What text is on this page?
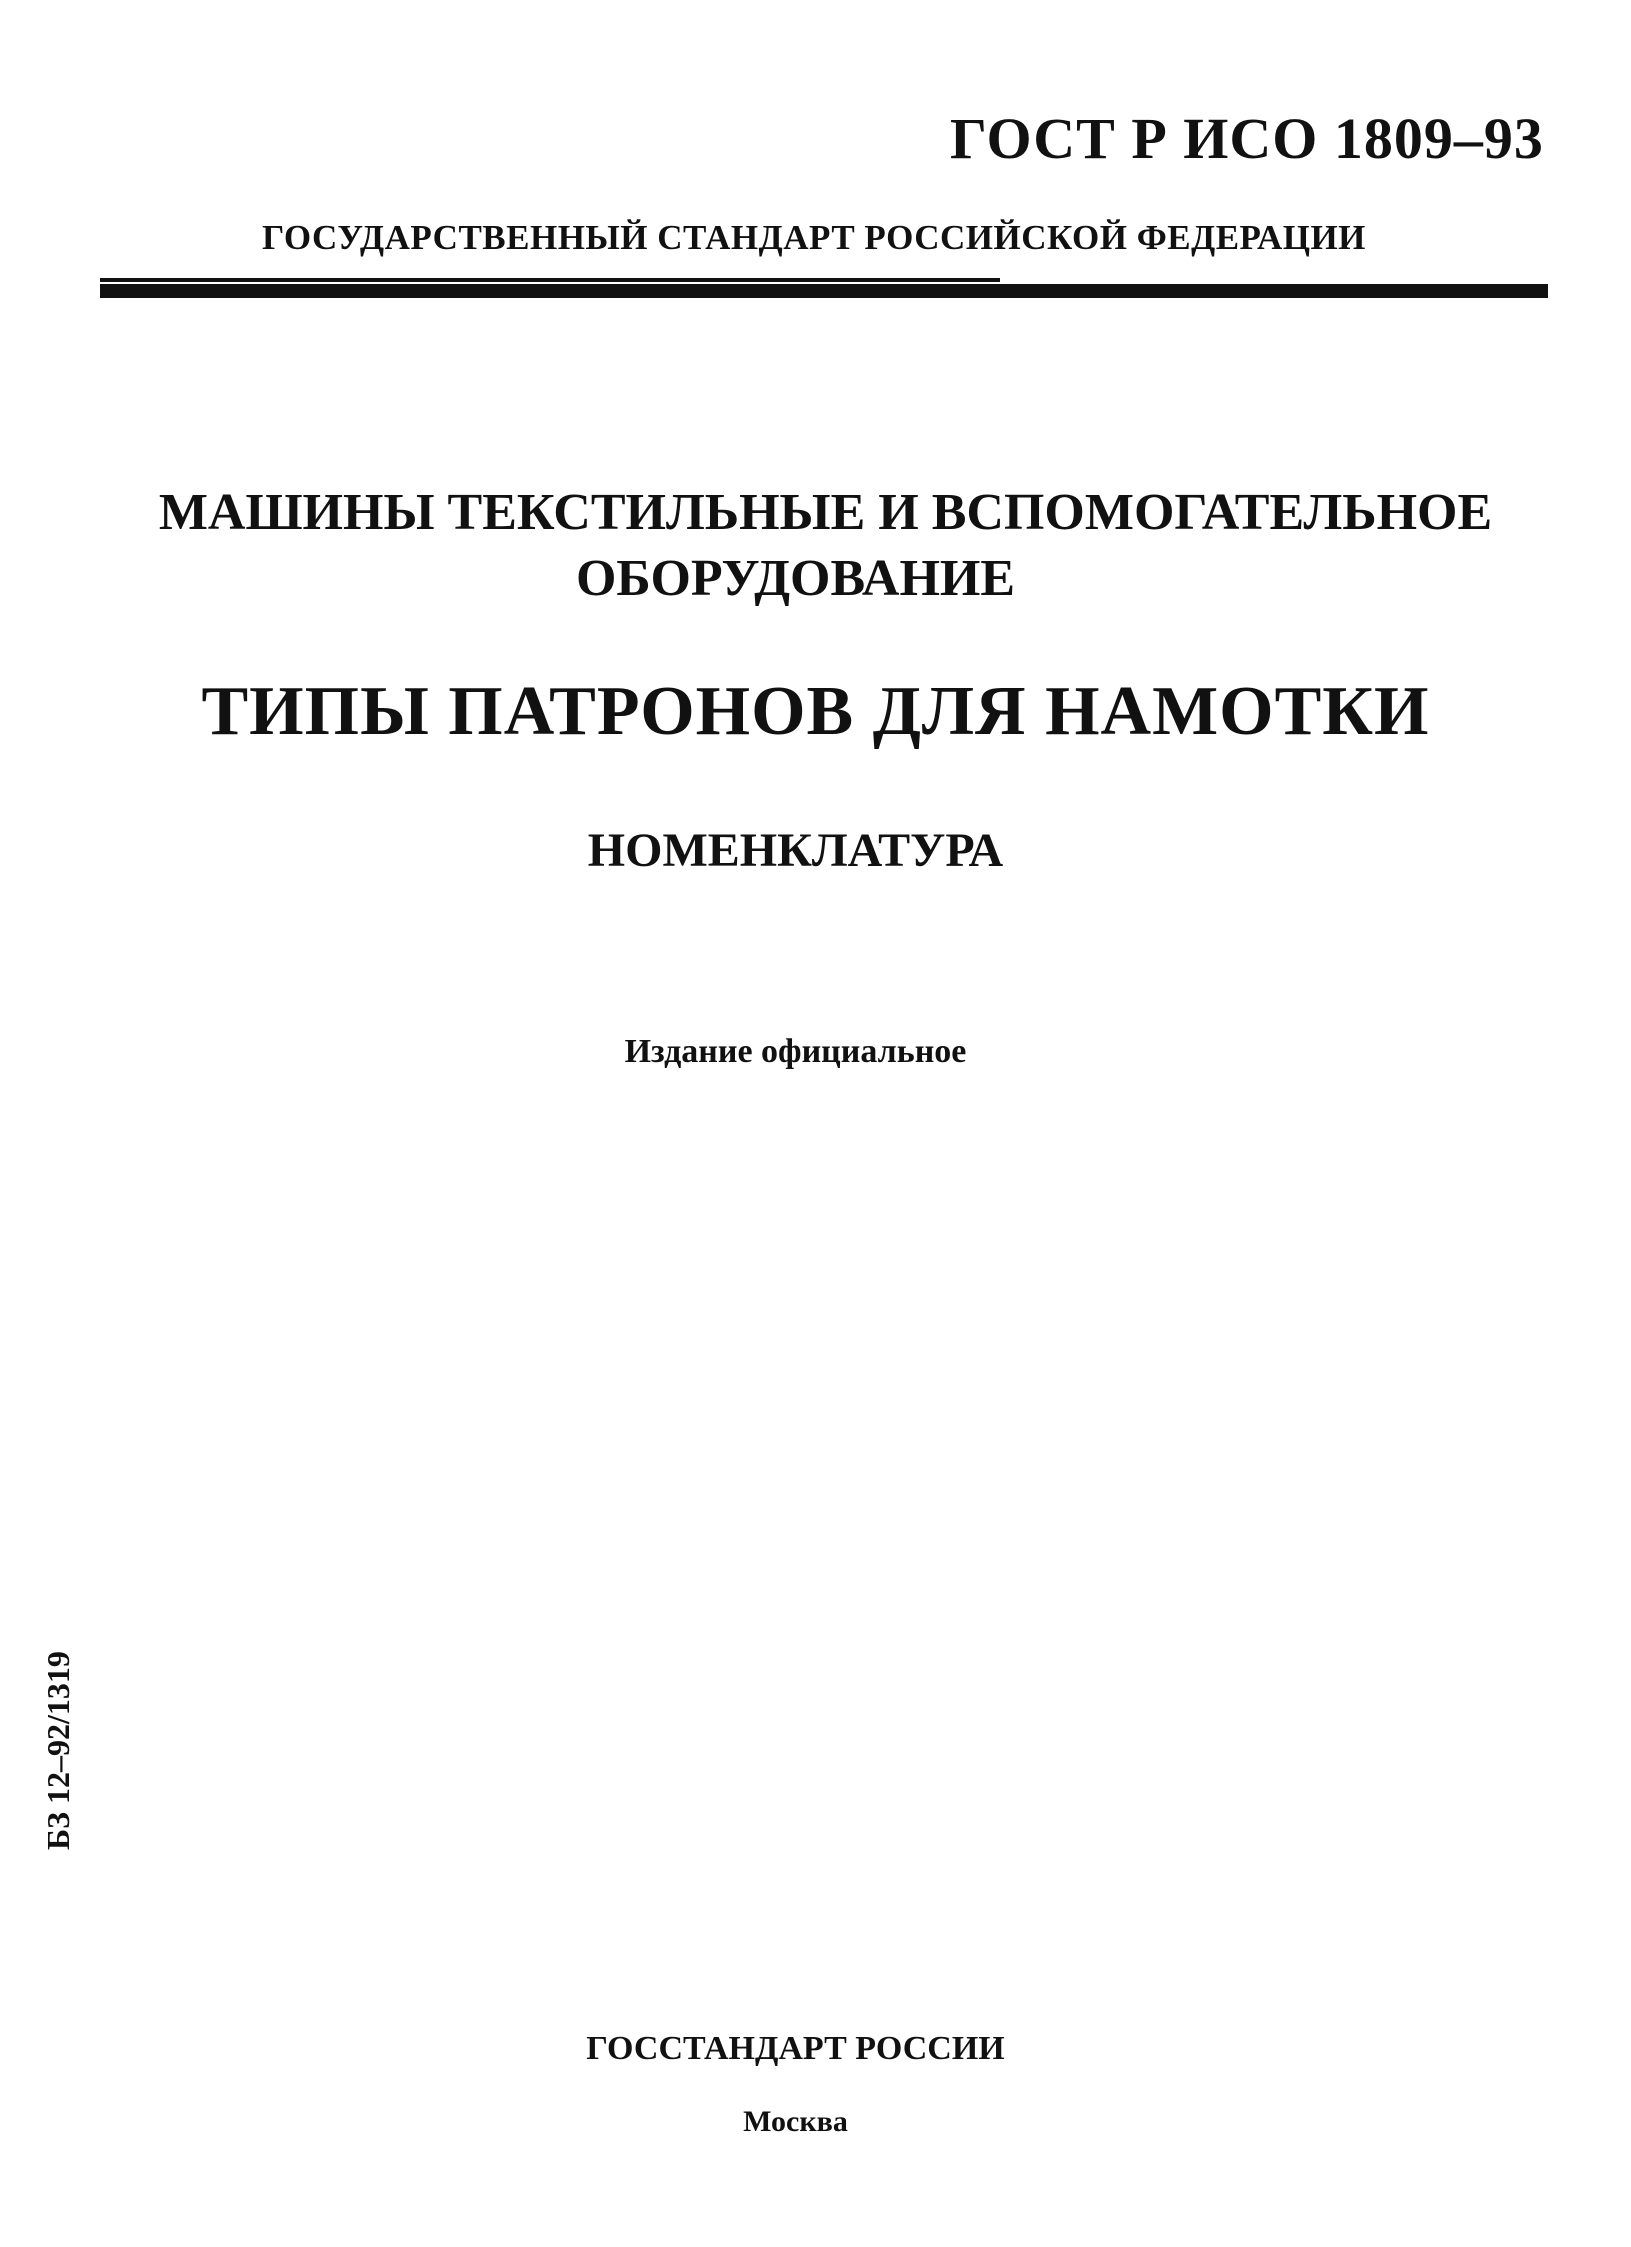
ГОСТ Р ИСО 1809–93
ГОСУДАРСТВЕННЫЙ СТАНДАРТ РОССИЙСКОЙ ФЕДЕРАЦИИ
МАШИНЫ ТЕКСТИЛЬНЫЕ И ВСПОМОГАТЕЛЬНОЕ
ОБОРУДОВАНИЕ
ТИПЫ ПАТРОНОВ ДЛЯ НАМОТКИ
НОМЕНКЛАТУРА
Издание официальное
БЗ 12–92/1319
ГОССТАНДАРТ РОССИИ
Москва
